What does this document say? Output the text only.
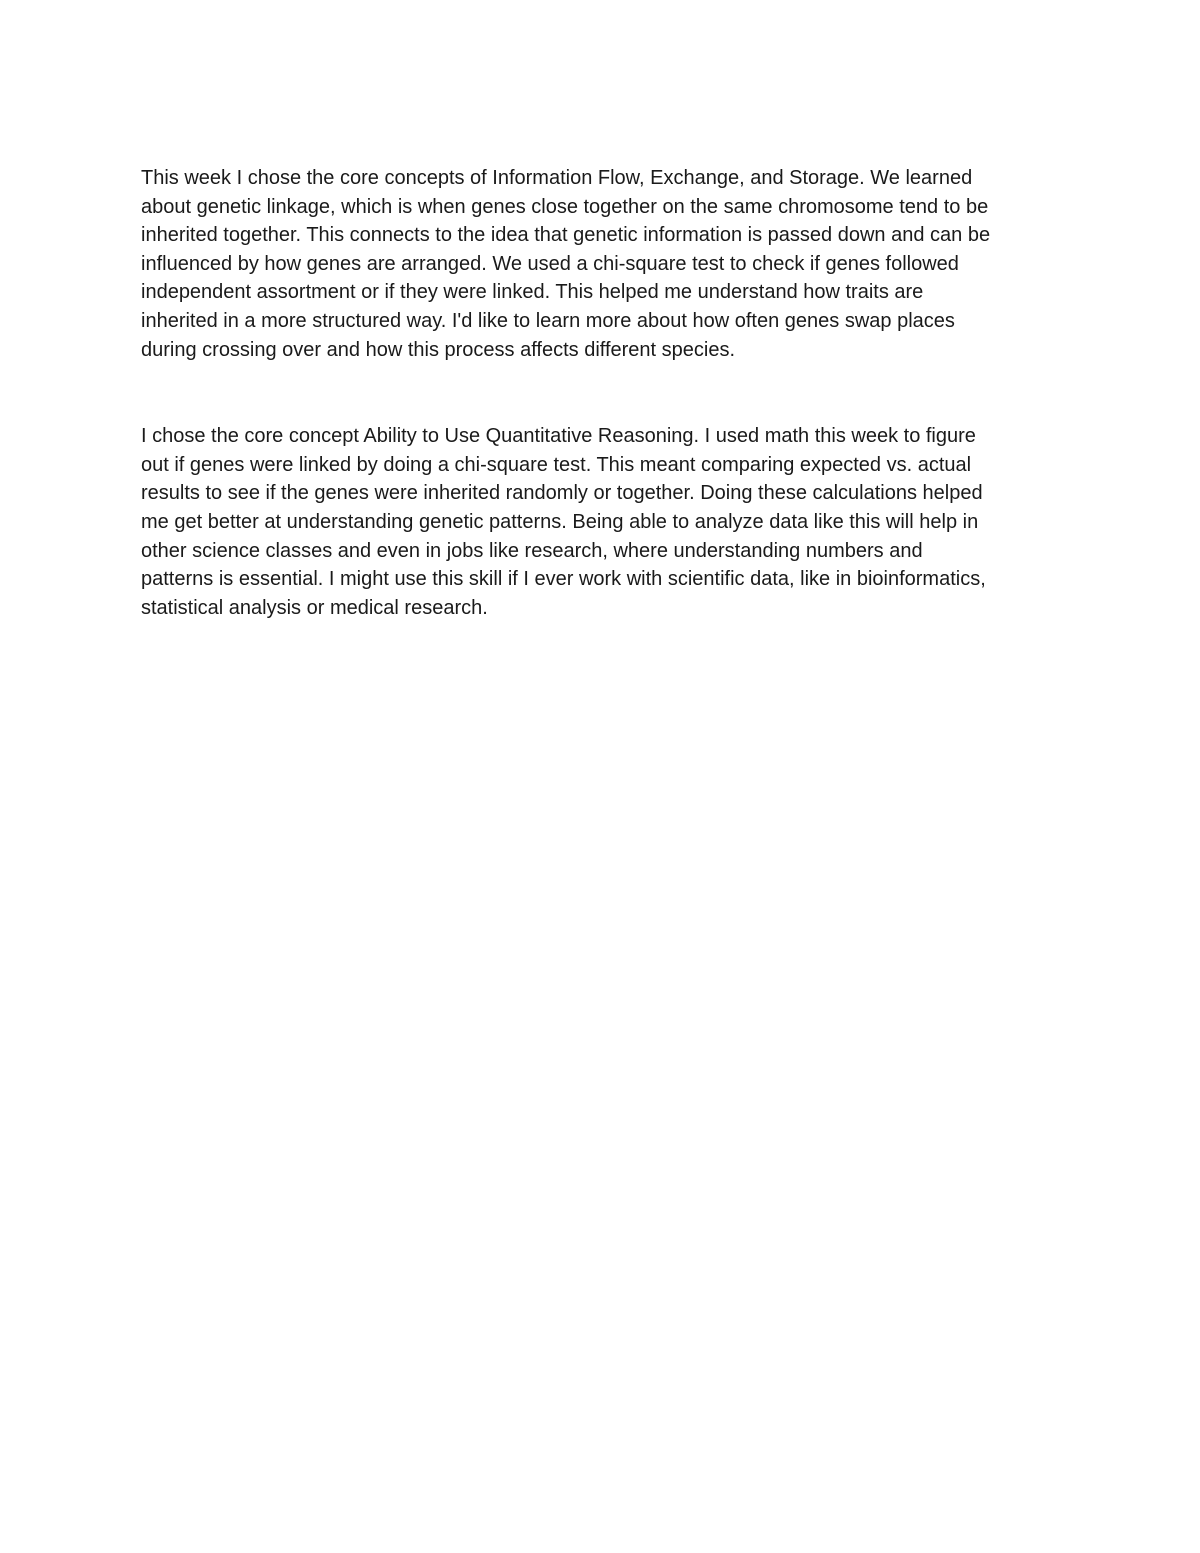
This week I chose the core concepts of Information Flow, Exchange, and Storage. We learned
about genetic linkage, which is when genes close together on the same chromosome tend to be
inherited together. This connects to the idea that genetic information is passed down and can be
influenced by how genes are arranged. We used a chi-square test to check if genes followed
independent assortment or if they were linked. This helped me understand how traits are
inherited in a more structured way. I'd like to learn more about how often genes swap places
during crossing over and how this process affects different species.

I chose the core concept Ability to Use Quantitative Reasoning. I used math this week to figure
out if genes were linked by doing a chi-square test. This meant comparing expected vs. actual
results to see if the genes were inherited randomly or together. Doing these calculations helped
me get better at understanding genetic patterns. Being able to analyze data like this will help in
other science classes and even in jobs like research, where understanding numbers and
patterns is essential. I might use this skill if I ever work with scientific data, like in bioinformatics,
statistical analysis or medical research.
